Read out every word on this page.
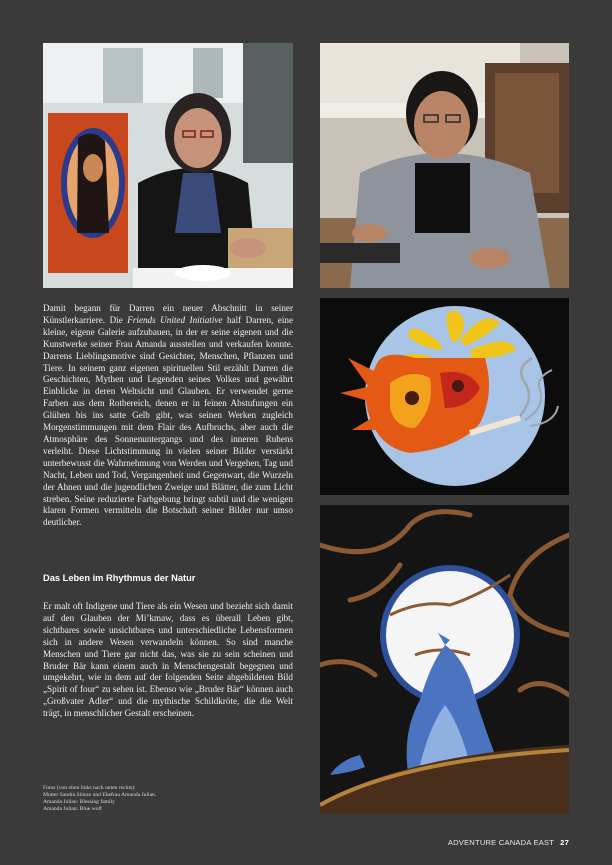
Damit begann für Darren ein neuer Abschnitt in seiner Künstlerkarriere. Die Friends United Initiative half Darren, eine kleine, eigene Galerie aufzubauen, in der er seine eigenen und die Kunstwerke seiner Frau Amanda ausstellen und verkaufen konnte. Darrens Lieblingsmotive sind Gesichter, Menschen, Pflanzen und Tiere. In seinem ganz eigenen spirituellen Stil erzählt Darren die Geschichten, Mythen und Legenden seines Volkes und gewährt Einblicke in deren Weltsicht und Glauben. Er verwendet gerne Farben aus dem Rotbereich, denen er in feinen Abstufungen ein Glühen bis ins satte Gelb gibt, was seinen Werken zugleich Morgenstimmungen mit dem Flair des Aufbruchs, aber auch die Atmosphäre des Sonnenuntergangs und des inneren Ruhens verleiht. Diese Lichtstimmung in vielen seiner Bilder verstärkt unterbewusst die Wahrnehmung von Werden und Vergehen, Tag und Nacht, Leben und Tod, Vergangenheit und Gegenwart, die Wurzeln der Ahnen und die jugendlichen Zweige und Blätter, die zum Licht streben. Seine reduzierte Farbgebung bringt subtil und die wenigen klaren Formen vermitteln die Botschaft seiner Bilder nur umso deutlicher.

Das Leben im Rhythmus der Natur

Er malt oft Indigene und Tiere als ein Wesen und bezieht sich damit auf den Glauben der Mi’kmaw, dass es überall Leben gibt, sichtbares sowie unsichtbares und unterschiedliche Lebensformen sich in andere Wesen verwandeln können. So sind manche Menschen und Tiere gar nicht das, was sie zu sein scheinen und Bruder Bär kann einem auch in Menschengestalt begegnen und umgekehrt, wie in dem auf der folgenden Seite abgebildeten Bild „Spirit of four“ zu sehen ist. Ebenso wie „Bruder Bär“ können auch „Großvater Adler“ und die mythische Schildkröte, die die Welt trägt, in menschlicher Gestalt erscheinen.

Fotos (von oben links nach unten rechts):
Mutter Sandra Simon und Ehefrau Amanda Julian.
Amanda Julian: Blessing family
Amanda Julian: Blue wolf
ADVENTURE CANADA EAST 27
